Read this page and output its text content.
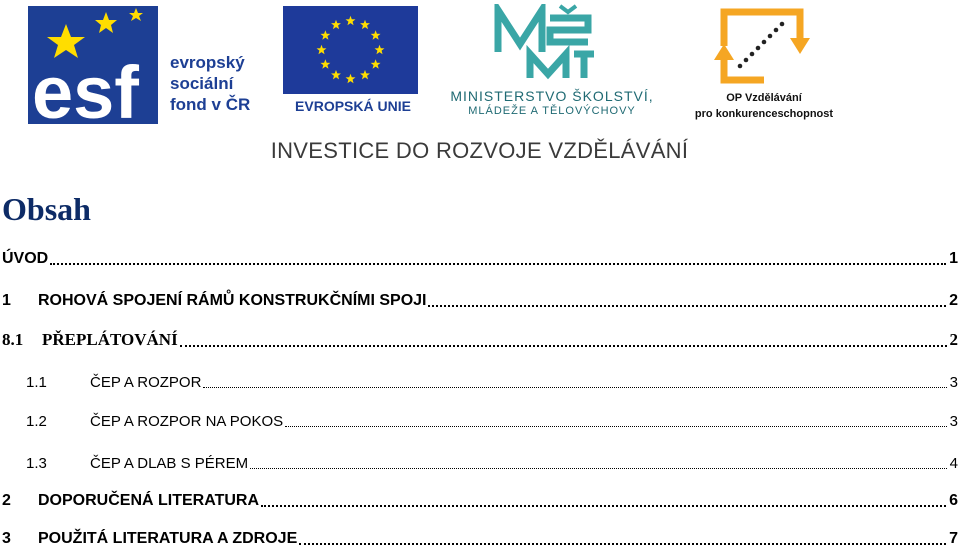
esf evropský
sociální
fond v ČR	EVROPSKÁ UNIE
MINISTERSTVO ŠKOLSTVÍ,
MLÁDEŽE A TĚLOVÝCHOVY
OP Vzdělávání
pro konkurenceschopnost
INVESTICE DO ROZVOJE VZDĚLÁVÁNÍ
Obsah
ÚVOD	1
1	ROHOVÁ SPOJENÍ RÁMŮ KONSTRUKČNÍMI SPOJI	2
8.1	PŘEPLÁTOVÁNÍ	2
1.1	ČEP A ROZPOR	3
1.2	ČEP A ROZPOR NA POKOS	3
1.3	ČEP A DLAB S PÉREM	4
2	DOPORUČENÁ LITERATURA	6
3	POUŽITÁ LITERATURA A ZDROJE	7
